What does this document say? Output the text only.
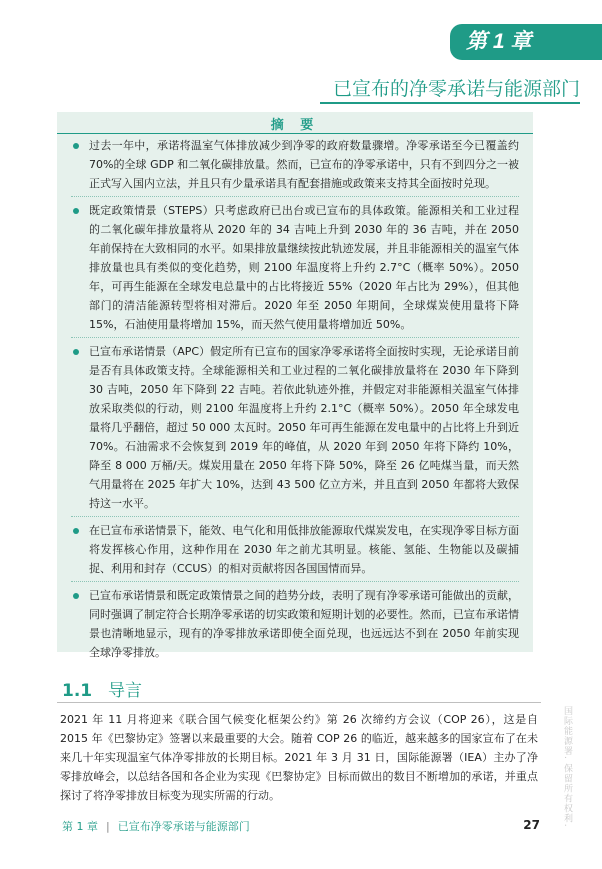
第 1 章
已宣布的净零承诺与能源部门
摘 要
过去一年中，承诺将温室气体排放减少到净零的政府数量骤增。净零承诺至今已覆盖约 70%的全球 GDP 和二氧化碳排放量。然而，已宣布的净零承诺中，只有不到四分之一被正式写入国内立法，并且只有少量承诺具有配套措施或政策来支持其全面按时兑现。
既定政策情景（STEPS）只考虑政府已出台或已宣布的具体政策。能源相关和工业过程的二氧化碳年排放量将从 2020 年的 34 吉吨上升到 2030 年的 36 吉吨，并在 2050 年前保持在大致相同的水平。如果排放量继续按此轨迹发展，并且非能源相关的温室气体排放量也具有类似的变化趋势，则 2100 年温度将上升约 2.7°C（概率 50%）。2050 年，可再生能源在全球发电总量中的占比将接近 55%（2020 年占比为 29%），但其他部门的清洁能源转型将相对滞后。2020 年至 2050 年期间，全球煤炭使用量将下降 15%，石油使用量将增加 15%，而天然气使用量将增加近 50%。
已宣布承诺情景（APC）假定所有已宣布的国家净零承诺将全面按时实现，无论承诺目前是否有具体政策支持。全球能源相关和工业过程的二氧化碳排放量将在 2030 年下降到 30 吉吨，2050 年下降到 22 吉吨。若依此轨迹外推，并假定对非能源相关温室气体排放采取类似的行动，则 2100 年温度将上升约 2.1°C（概率 50%）。2050 年全球发电量将几乎翻倍，超过 50 000 太瓦时。2050 年可再生能源在发电量中的占比将上升到近 70%。石油需求不会恢复到 2019 年的峰值，从 2020 年到 2050 年将下降约 10%，降至 8 000 万桶/天。煤炭用量在 2050 年将下降 50%，降至 26 亿吨煤当量，而天然气用量将在 2025 年扩大 10%，达到 43 500 亿立方米，并且直到 2050 年都将大致保持这一水平。
在已宣布承诺情景下，能效、电气化和用低排放能源取代煤炭发电，在实现净零目标方面将发挥核心作用，这种作用在 2030 年之前尤其明显。核能、氢能、生物能以及碳捕捉、利用和封存（CCUS）的相对贡献将因各国国情而异。
已宣布承诺情景和既定政策情景之间的趋势分歧，表明了现有净零承诺可能做出的贡献，同时强调了制定符合长期净零承诺的切实政策和短期计划的必要性。然而，已宣布承诺情景也清晰地显示，现有的净零排放承诺即使全面兑现，也远远达不到在 2050 年前实现全球净零排放。
1.1 导言
2021 年 11 月将迎来《联合国气候变化框架公约》第 26 次缔约方会议（COP 26），这是自 2015 年《巴黎协定》签署以来最重要的大会。随着 COP 26 的临近，越来越多的国家宣布了在未来几十年实现温室气体净零排放的长期目标。2021 年 3 月 31 日，国际能源署（IEA）主办了净零排放峰会，以总结各国和各企业为实现《巴黎协定》目标而做出的数目不断增加的承诺，并重点探讨了将净零排放目标变为现实所需的行动。
第 1 章 | 已宣布净零承诺与能源部门	27	国际能源署. 保留所有权利.
